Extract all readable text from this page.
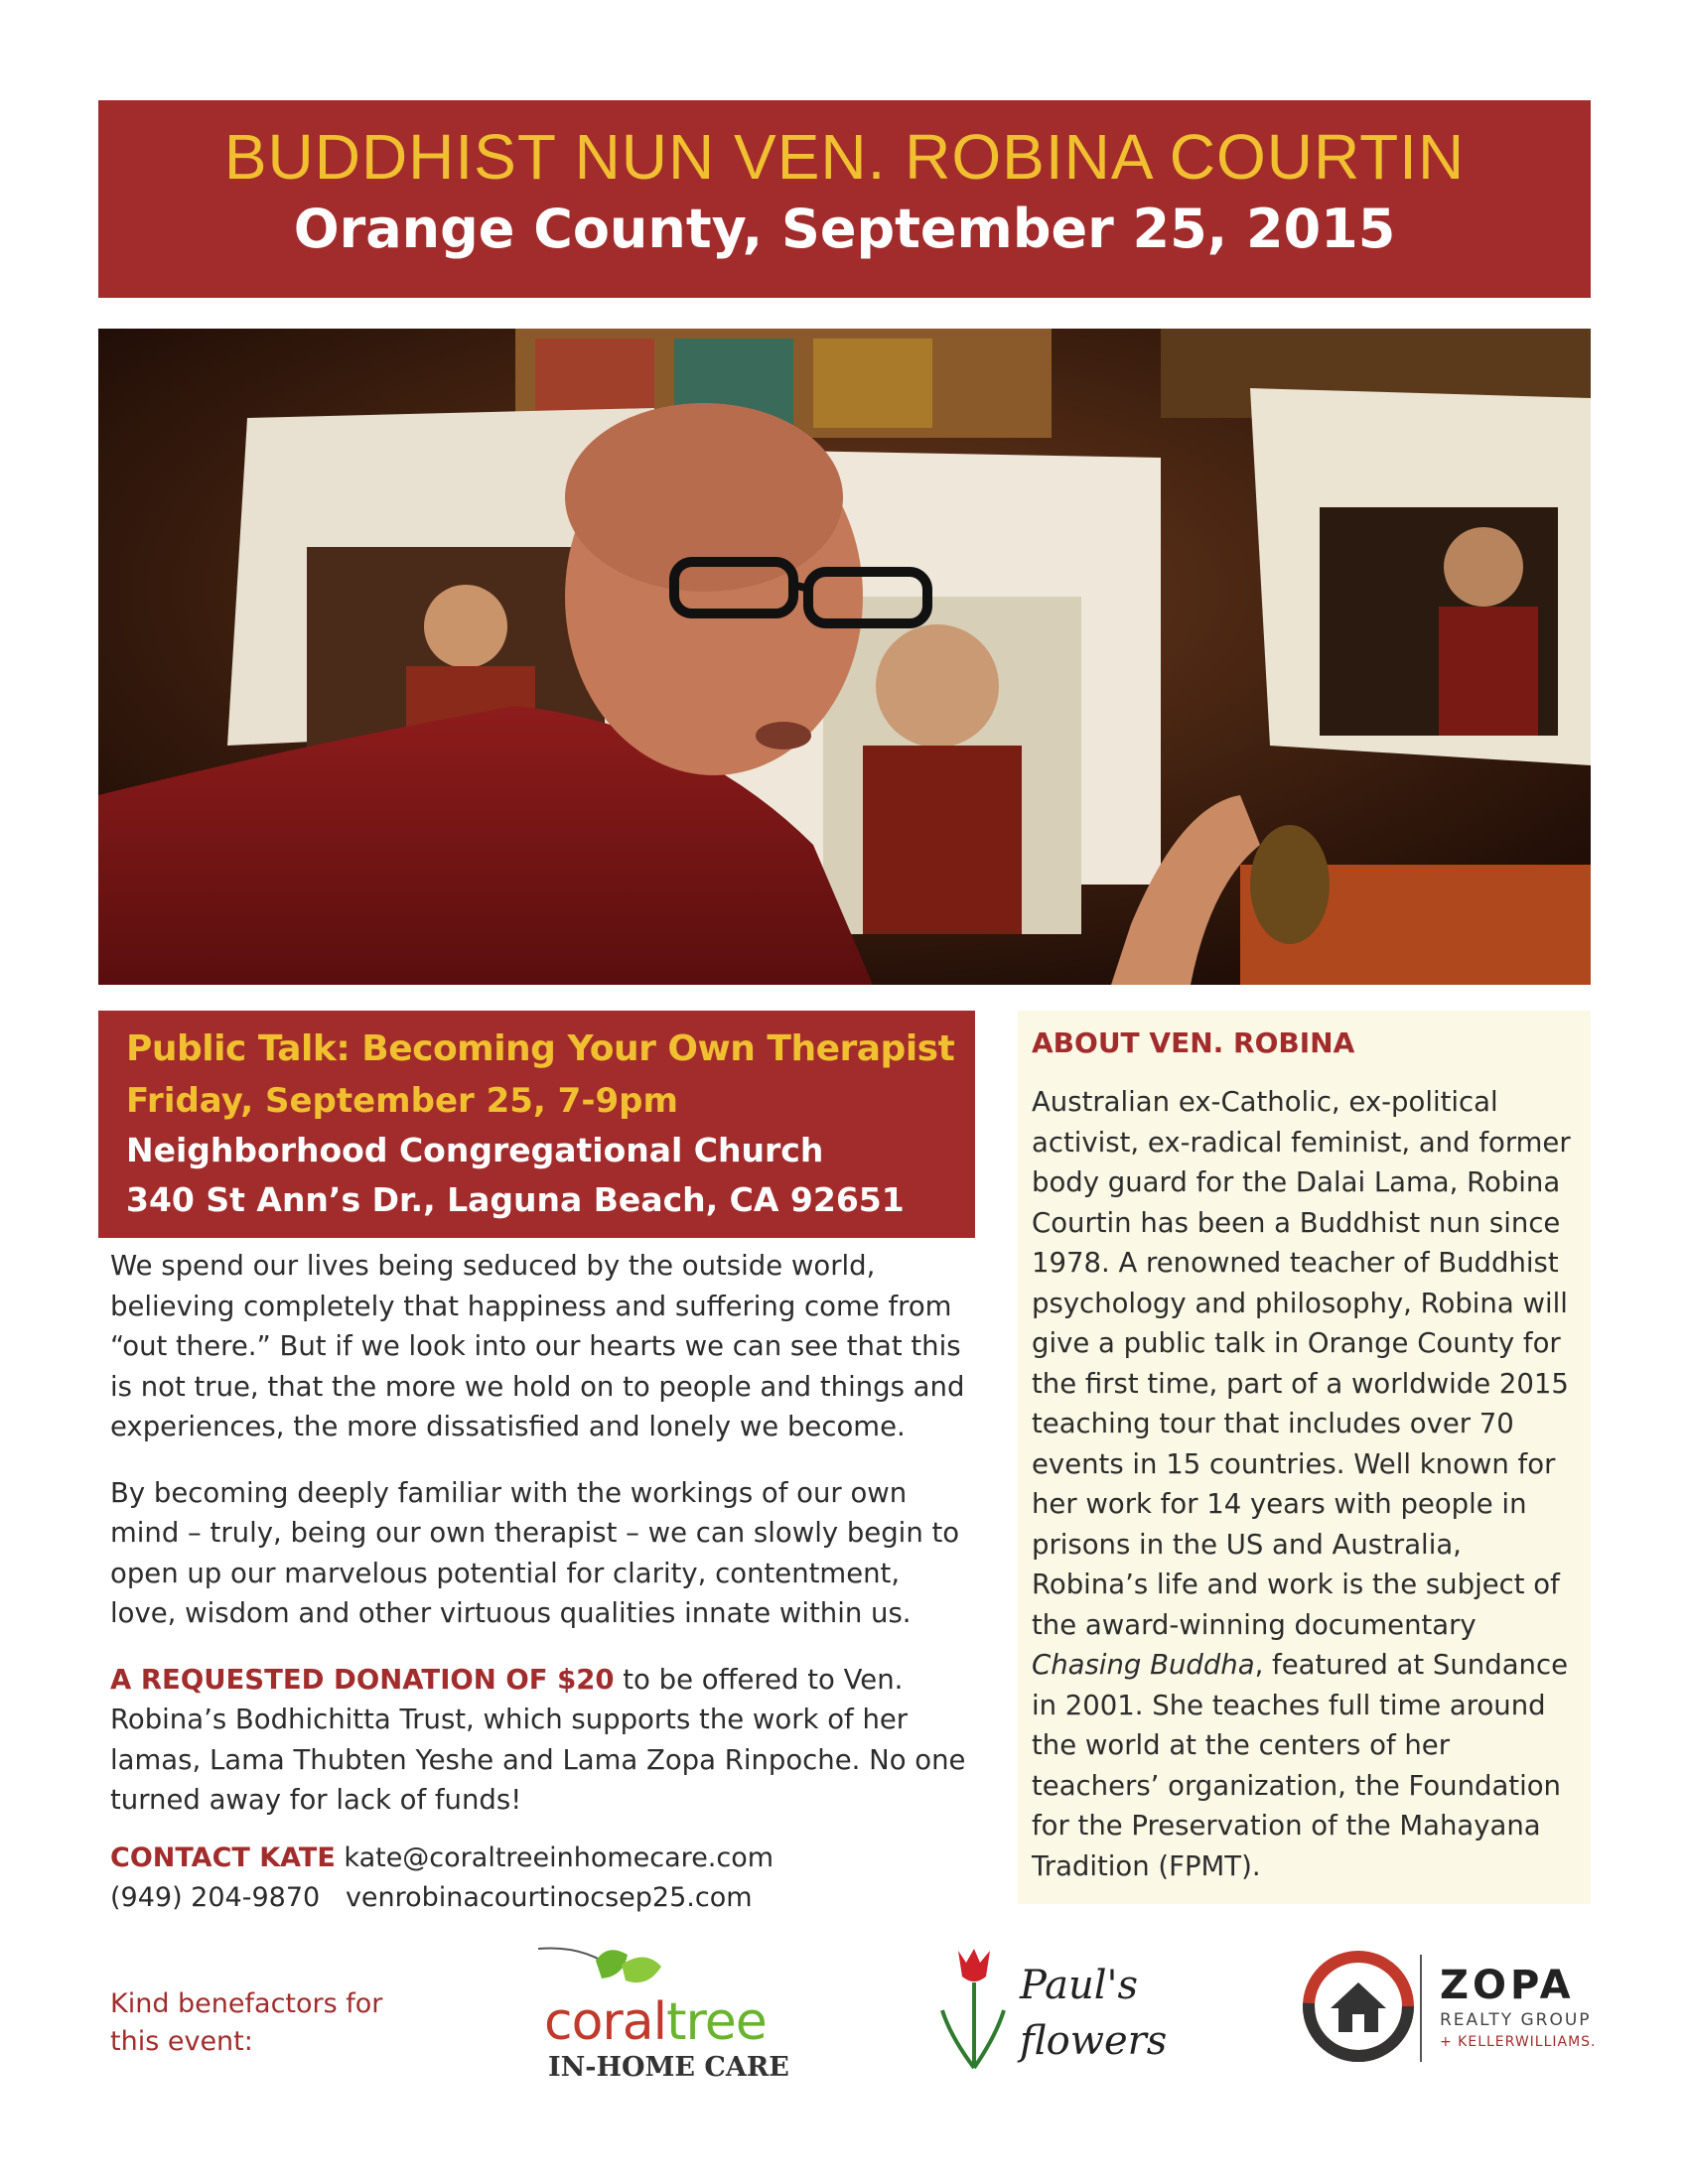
BUDDHIST NUN VEN. ROBINA COURTIN
Orange County, September 25, 2015
Public Talk: Becoming Your Own Therapist
Friday, September 25, 7-9pm
Neighborhood Congregational Church
340 St Ann’s Dr., Laguna Beach, CA 92651

We spend our lives being seduced by the outside world, believing completely that happiness and suffering come from “out there.” But if we look into our hearts we can see that this is not true, that the more we hold on to people and things and experiences, the more dissatisfied and lonely we become.

By becoming deeply familiar with the workings of our own mind – truly, being our own therapist – we can slowly begin to open up our marvelous potential for clarity, contentment, love, wisdom and other virtuous qualities innate within us.

A REQUESTED DONATION OF $20 to be offered to Ven. Robina’s Bodhichitta Trust, which supports the work of her lamas, Lama Thubten Yeshe and Lama Zopa Rinpoche. No one turned away for lack of funds!

CONTACT KATE kate@coraltreeinhomecare.com
(949) 204-9870 venrobinacourtinocsep25.com
ABOUT VEN. ROBINA
Australian ex-Catholic, ex-political activist, ex-radical feminist, and former body guard for the Dalai Lama, Robina Courtin has been a Buddhist nun since 1978. A renowned teacher of Buddhist psychology and philosophy, Robina will give a public talk in Orange County for the first time, part of a worldwide 2015 teaching tour that includes over 70 events in 15 countries. Well known for her work for 14 years with people in prisons in the US and Australia, Robina’s life and work is the subject of the award-winning documentary Chasing Buddha, featured at Sundance in 2001. She teaches full time around the world at the centers of her teachers’ organization, the Foundation for the Preservation of the Mahayana Tradition (FPMT).
Kind benefactors for this event:	coraltree
IN-HOME CARE
Paul's
flowers
ZOPA
REALTY GROUP
+ KELLERWILLIAMS.
